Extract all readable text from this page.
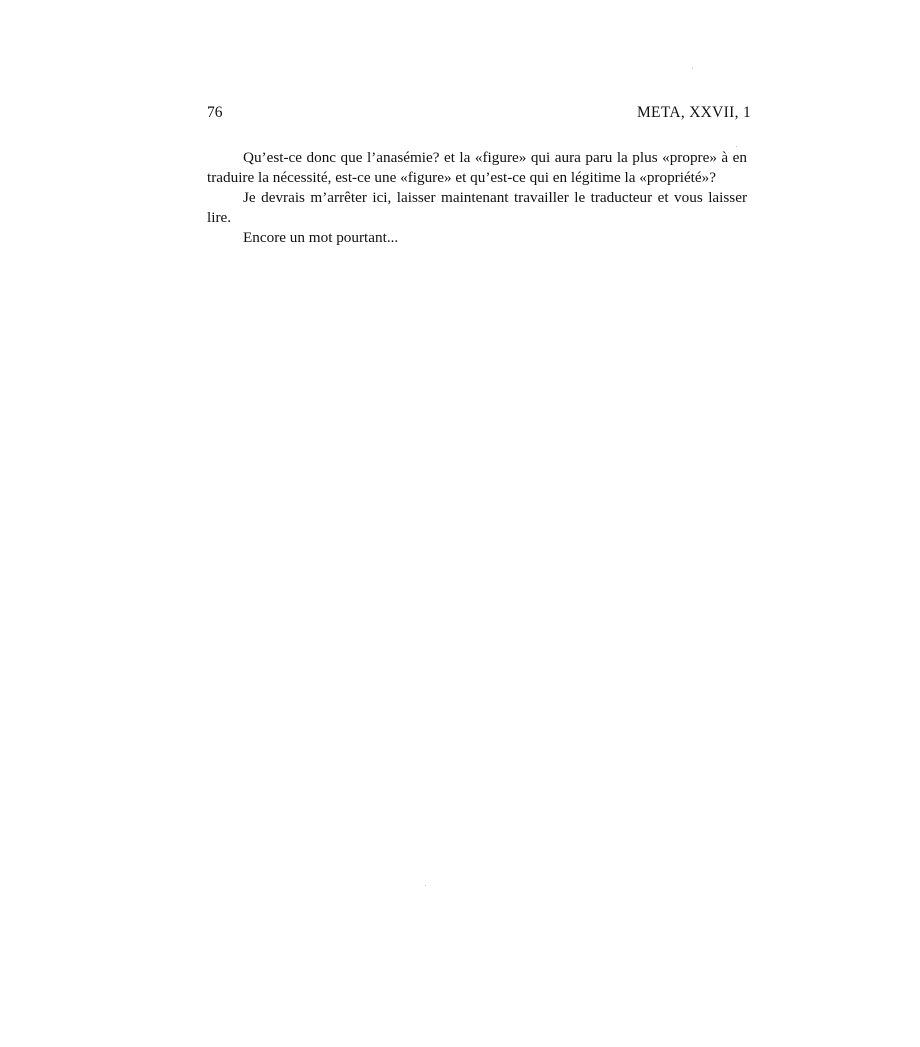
76	META, XXVII, 1

Qu’est-ce donc que l’anasémie? et la «figure» qui aura paru la plus «propre» à en traduire la nécessité, est-ce une «figure» et qu’est-ce qui en légitime la «propriété»?

Je devrais m’arrêter ici, laisser maintenant travailler le traducteur et vous laisser lire.

Encore un mot pourtant...
